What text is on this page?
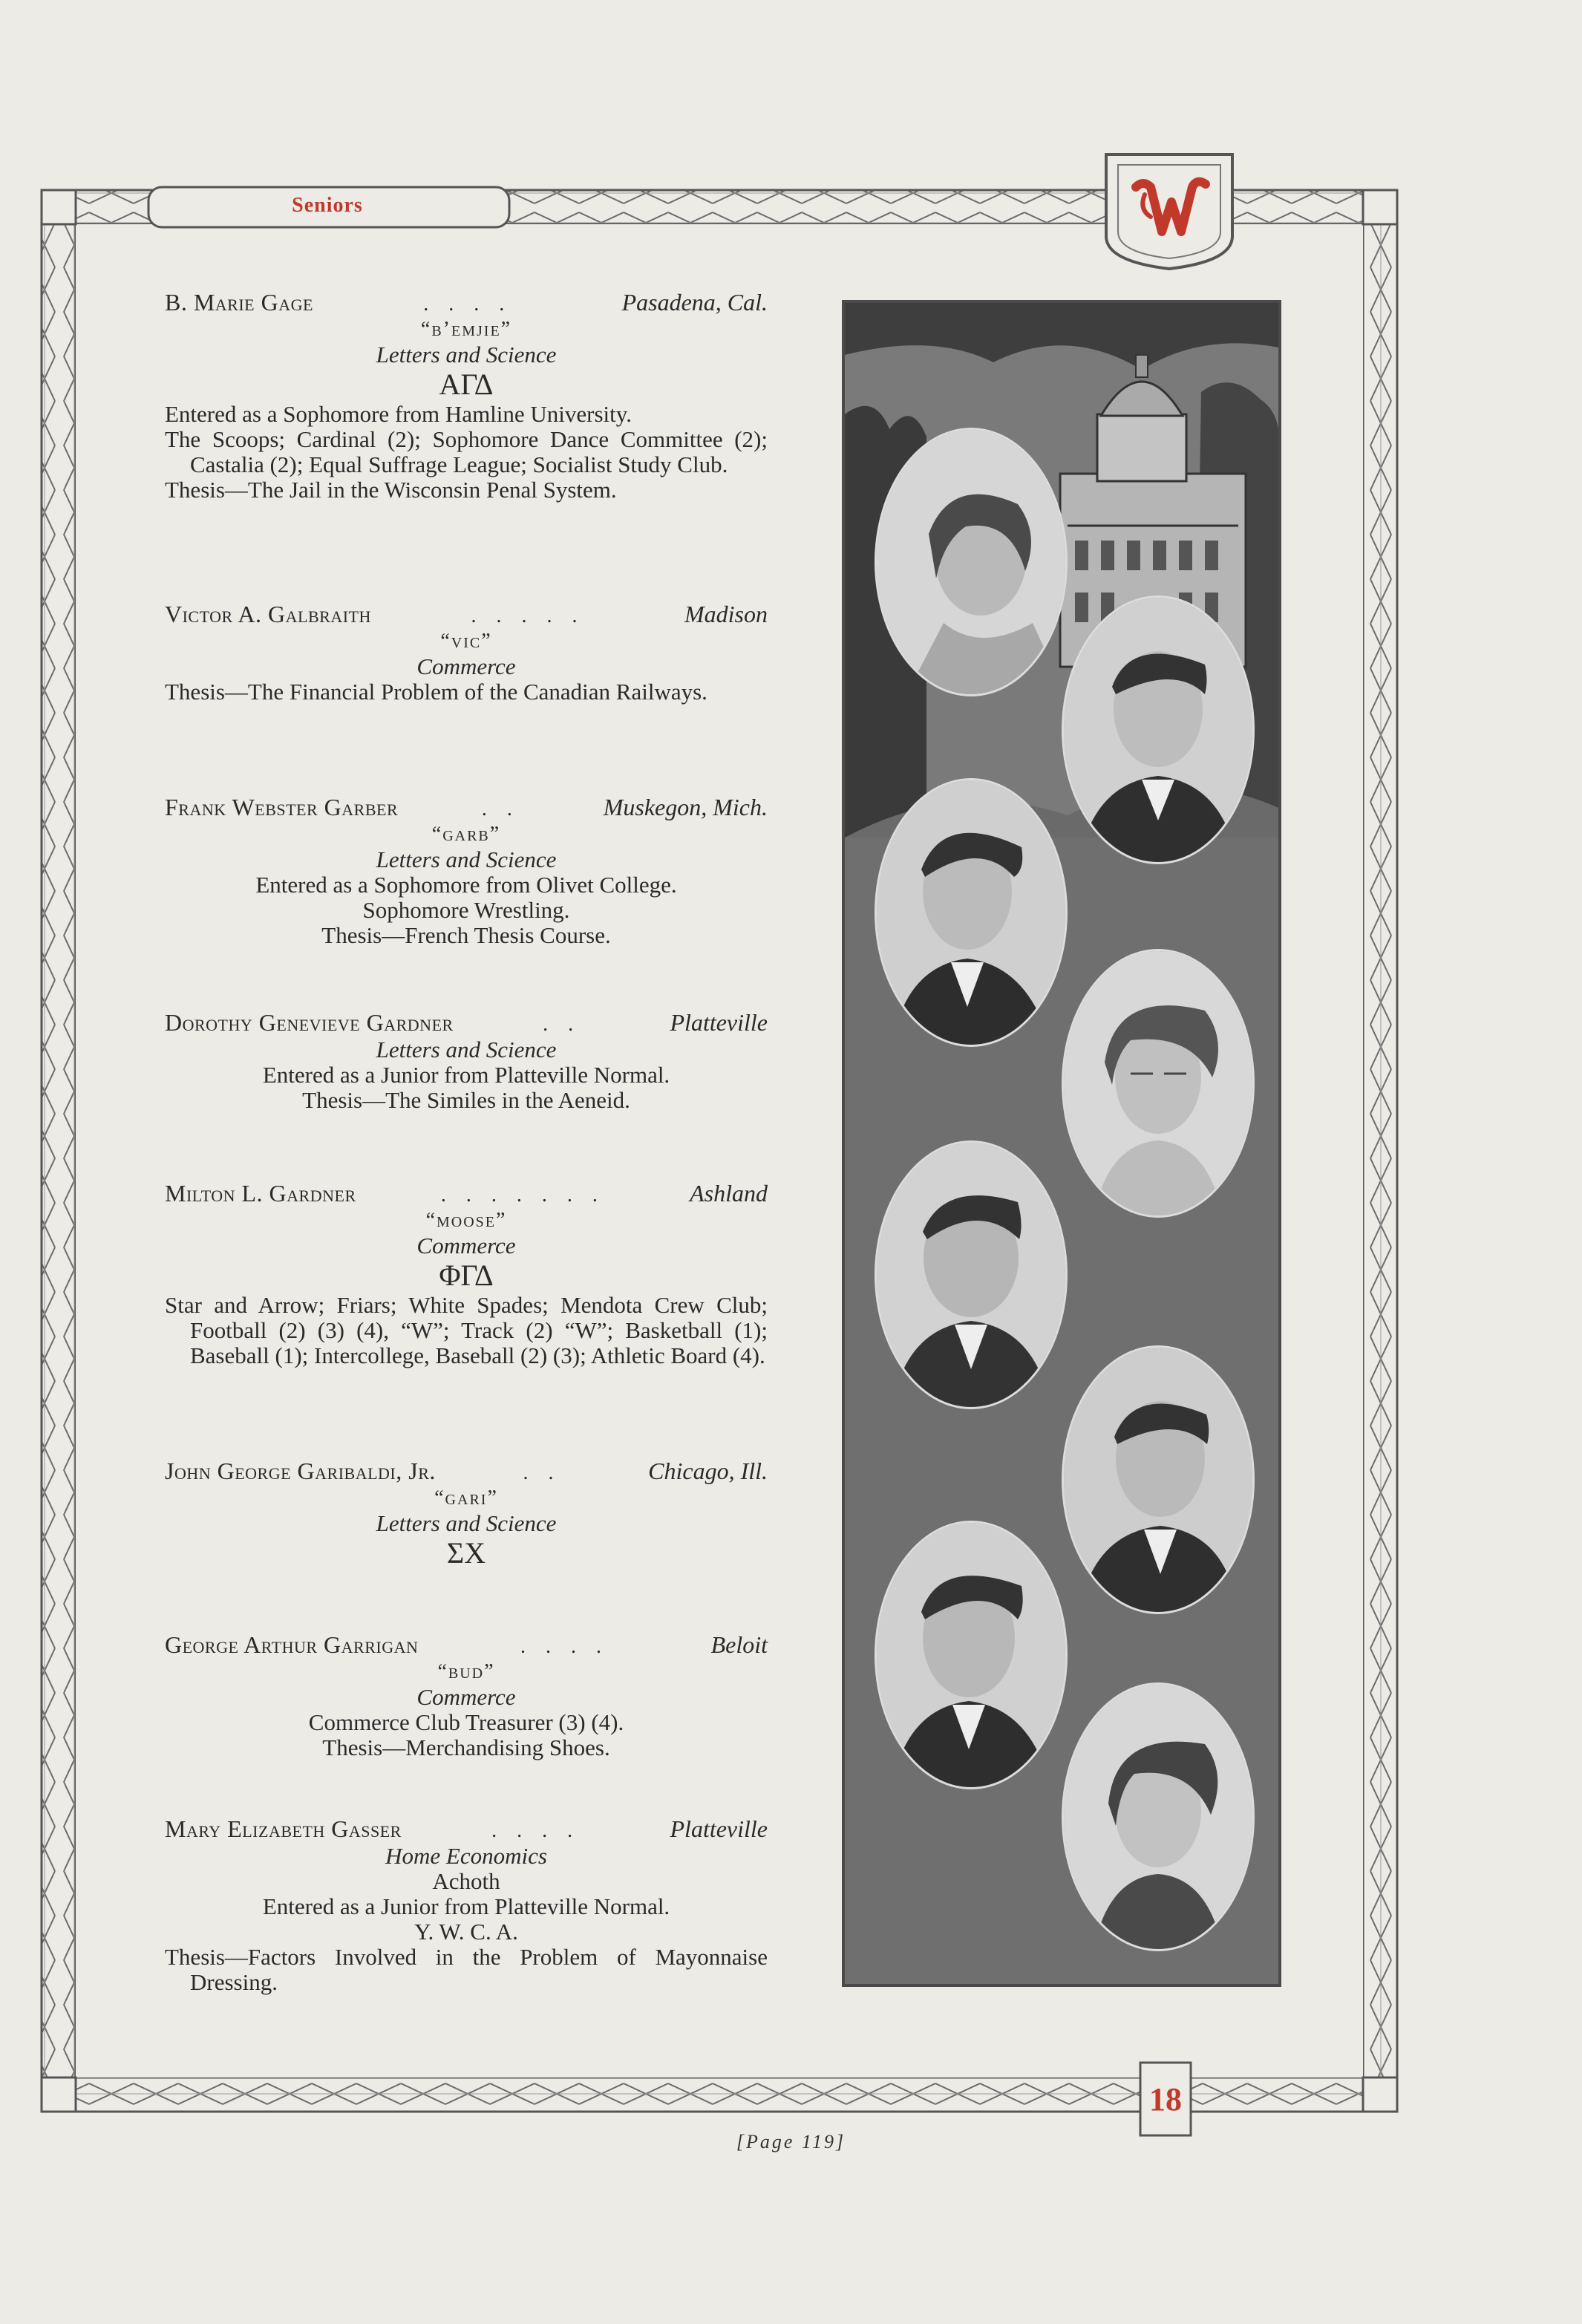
Seniors
B. Marie Gage	. . . .	Pasadena, Cal.
“b’emjie”
Letters and Science
ΑΓΔ
Entered as a Sophomore from Hamline University.
The Scoops; Cardinal (2); Sophomore Dance Committee (2); Castalia (2); Equal Suffrage League; Socialist Study Club.
Thesis—The Jail in the Wisconsin Penal System.
Victor A. Galbraith	. . . . .	Madison
“vic”
Commerce
Thesis—The Financial Problem of the Canadian Railways.
Frank Webster Garber	. .	Muskegon, Mich.
“garb”
Letters and Science
Entered as a Sophomore from Olivet College.
Sophomore Wrestling.
Thesis—French Thesis Course.
Dorothy Genevieve Gardner	. .	Platteville
Letters and Science
Entered as a Junior from Platteville Normal.
Thesis—The Similes in the Aeneid.
Milton L. Gardner	. . . . . . .	Ashland
“moose”
Commerce
ΦΓΔ
Star and Arrow; Friars; White Spades; Mendota Crew Club; Football (2) (3) (4), “W”; Track (2) “W”; Basketball (1); Baseball (1); Intercollege, Baseball (2) (3); Athletic Board (4).
John George Garibaldi, Jr.	. .	Chicago, Ill.
“gari”
Letters and Science
ΣΧ
George Arthur Garrigan	. . . .	Beloit
“bud”
Commerce
Commerce Club Treasurer (3) (4).
Thesis—Merchandising Shoes.
Mary Elizabeth Gasser	. . . .	Platteville
Home Economics
Achoth
Entered as a Junior from Platteville Normal.
Y. W. C. A.
Thesis—Factors Involved in the Problem of Mayonnaise Dressing.
18
[Page 119]
